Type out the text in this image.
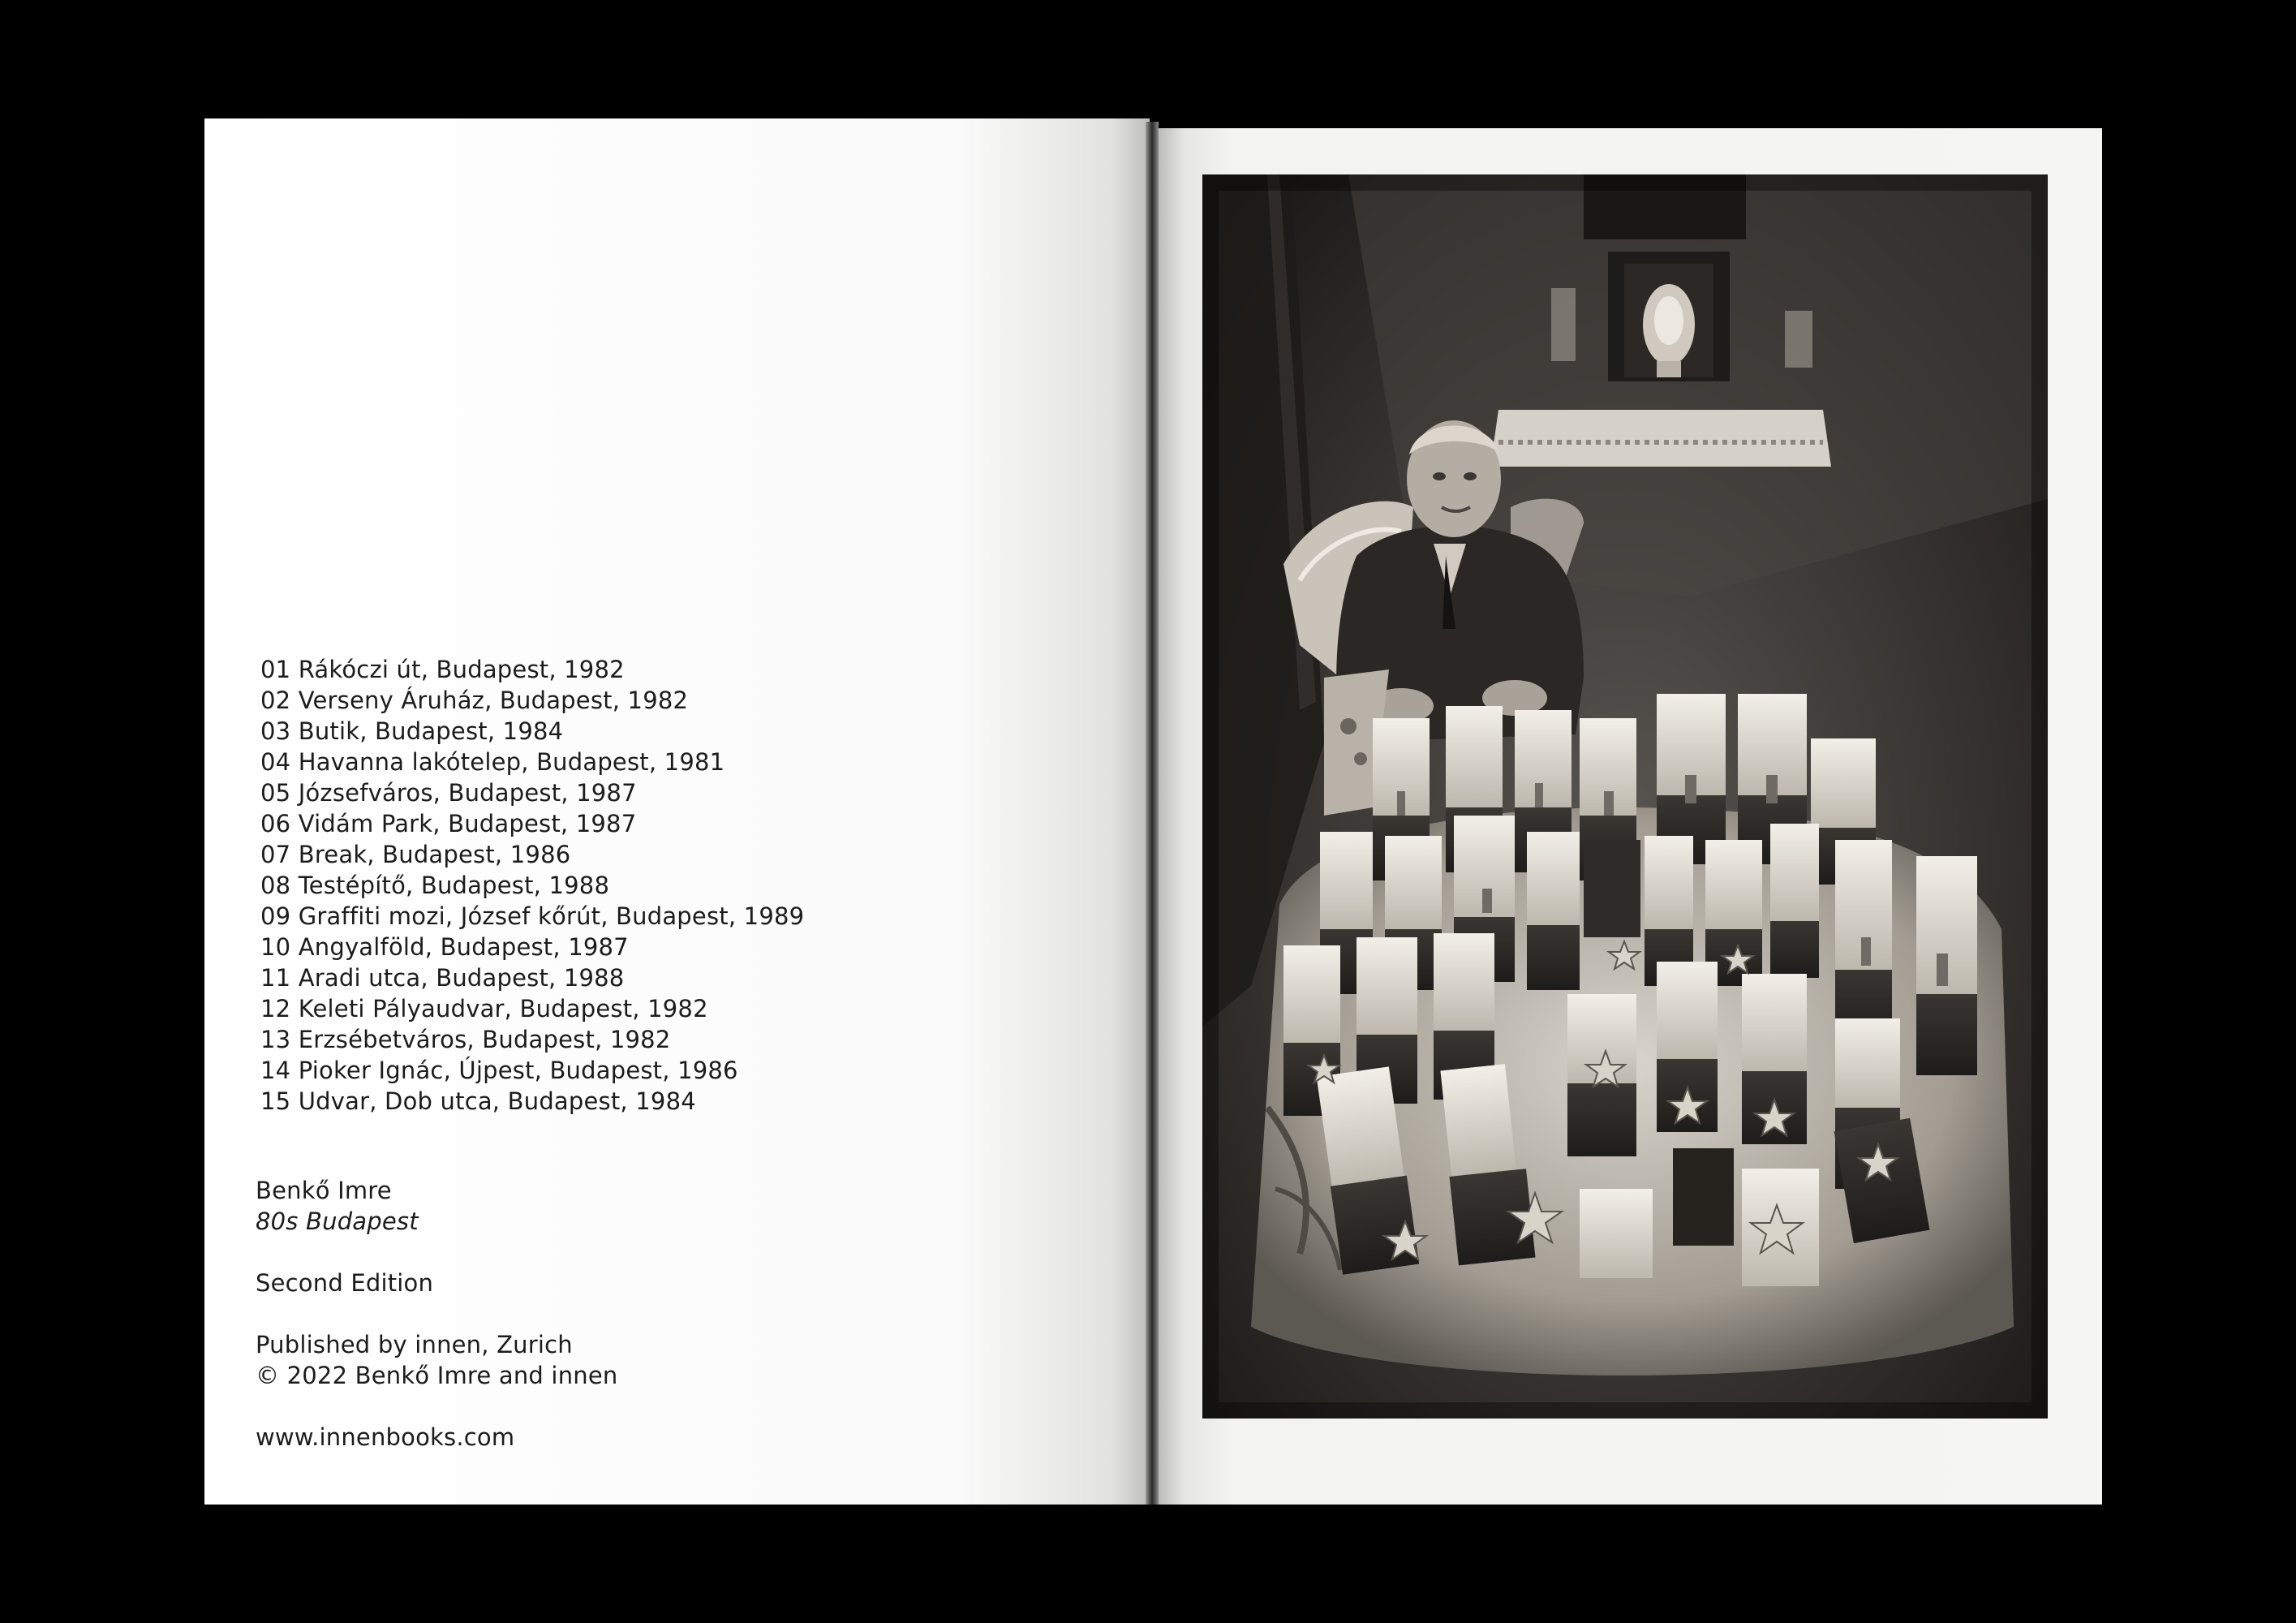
01 Rákóczi út, Budapest, 1982
02 Verseny Áruház, Budapest, 1982
03 Butik, Budapest, 1984
04 Havanna lakótelep, Budapest, 1981
05 Józsefváros, Budapest, 1987
06 Vidám Park, Budapest, 1987
07 Break, Budapest, 1986
08 Testépítő, Budapest, 1988
09 Graffiti mozi, József kőrút, Budapest, 1989
10 Angyalföld, Budapest, 1987
11 Aradi utca, Budapest, 1988
12 Keleti Pályaudvar, Budapest, 1982
13 Erzsébetváros, Budapest, 1982
14 Pioker Ignác, Újpest, Budapest, 1986
15 Udvar, Dob utca, Budapest, 1984

Benkő Imre

80s Budapest

Second Edition

Published by innen, Zurich

© 2022 Benkő Imre and innen

www.innenbooks.com
